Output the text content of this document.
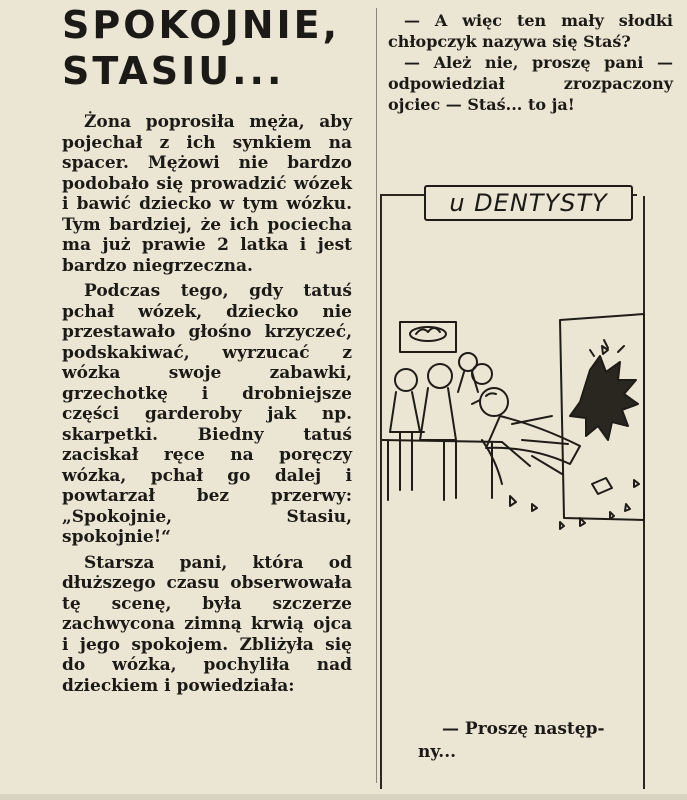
SPOKOJNIE,
STASIU...

Żona poprosiła męża, aby pojechał z ich synkiem na spacer. Mężowi nie bardzo podobało się prowadzić wózek i bawić dziecko w tym wózku. Tym bardziej, że ich pociecha ma już prawie 2 latka i jest bardzo niegrzeczna.

Podczas tego, gdy tatuś pchał wózek, dziecko nie przestawało głośno krzyczeć, podskakiwać, wyrzucać z wózka swoje zabawki, grzechotkę i drobniejsze części garderoby jak np. skarpetki. Biedny tatuś zaciskał ręce na poręczy wózka, pchał go dalej i powtarzał bez przerwy: „Spokojnie, Stasiu, spokojnie!“

Starsza pani, która od dłuższego czasu obserwowała tę scenę, była szczerze zachwycona zimną krwią ojca i jego spokojem. Zbliżyła się do wózka, pochyliła nad dzieckiem i powiedziała:

— A więc ten mały słodki chłopczyk nazywa się Staś?

— Ależ nie, proszę pani — odpowiedział zrozpaczony ojciec — Staś... to ja!

u DENTYSTY
— Proszę następ-
ny...
